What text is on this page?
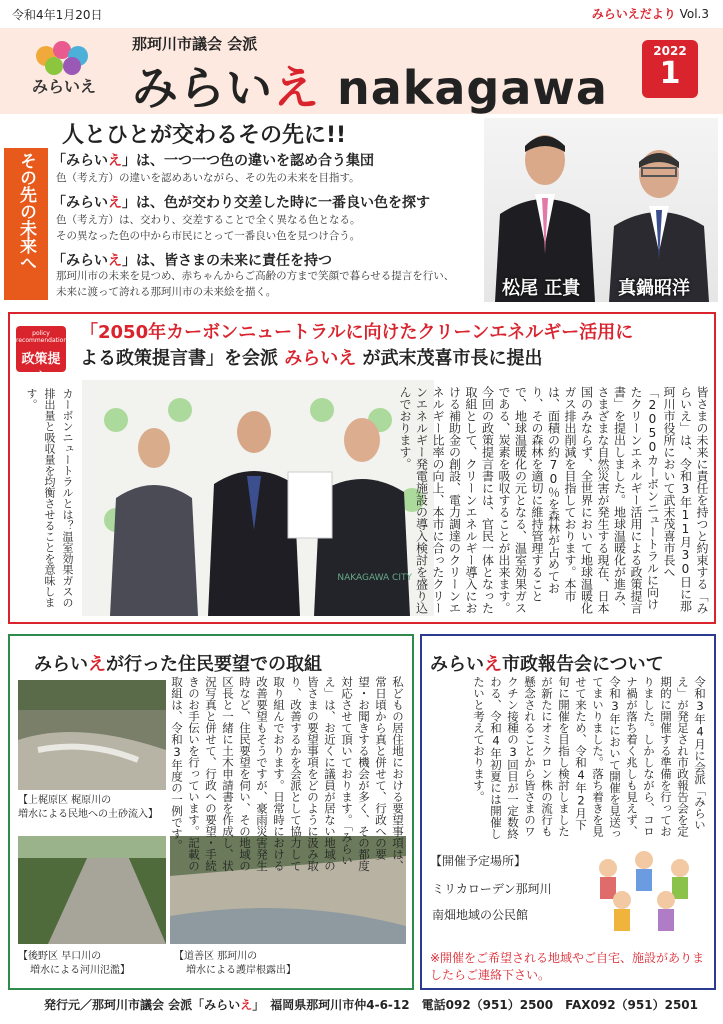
令和4年1月20日	みらいえだより Vol.3
みらいえ
那珂川市議会 会派
みらいえ nakagawa
2022
1
人とひとが交わるその先に!!
その先の未来へ 「みらいえ」は、一つ一つ色の違いを認め合う集団
色（考え方）の違いを認めあいながら、その先の未来を目指す。
「みらいえ」は、色が交わり交差した時に一番良い色を探す
色（考え方）は、交わり、交差することで全く異なる色となる。
その異なった色の中から市民にとって一番良い色を見つけ合う。
「みらいえ」は、皆さまの未来に責任を持つ
那珂川市の未来を見つめ、赤ちゃんからご高齢の方まで笑顔で暮らせる提言を行い、
未来に渡って誇れる那珂川市の未来絵を描く。	松尾 正貴 真鍋昭洋
policy recommendations
政策提言
「2050年カーボンニュートラルに向けたクリーンエネルギー活用に
よる政策提言書」を会派 みらいえ が武末茂喜市長に提出
NAKAGAWA CITY	皆さまの未来に責任を持つと約束する「みらいえ」は、令和3年11月30日に那珂川市役所において武末茂喜市長へ「2050カーボンニュートラルに向けたクリーンエネルギー活用による政策提言書」を提出しました。地球温暖化が進み、さまざまな自然災害が発生する現在、日本国のみならず、全世界において地球温暖化ガス排出削減を目指しております。本市は、面積の約70％を森林が占めており、その森林を適切に維持管理することで、地球温暖化の元となる、温室効果ガスである、炭素を吸収することが出来ます。今回の政策提言書には、官民一体となった取組として、クリーンエネルギー導入における補助金の創設、電力調達のクリーンエネルギー比率の向上、本市に合ったクリーンエネルギー発電施設の導入検討を盛り込んでおります。
カーボンニュートラルとは？温室効果ガスの排出量と吸収量を均衡させることを意味します。
みらいえが行った住民要望での取組
【上梶原区 梶原川の
増水による民地への土砂流入】
【後野区 早口川の
増水による河川氾濫】
【道善区 那珂川の
増水による護岸根露出】
私どもの居住地における要望事項は、常日頃から真と併せて、行政への要望・お聞きする機会が多く、その都度対応させて頂いております。「みらいえ」は、お近くに議員が居ない地域の皆さまの要望事項をどのように汲み取り、改善するかを会派として協力して取り組んでおります。日常時における改善要望もそうですが、豪雨災害発生時など、住民要望を伺い、その地域の区長と一緒に土木申請書を作成し、状況写真と併せて、行政への要望・手続きのお手伝いを行っています。記載の取組は、令和3年度の一例です。
みらいえ市政報告会について
令和3年4月に会派「みらいえ」が発足され市政報告会を定期的に開催する準備を行っておりました。しかしながら、コロナ禍が落ち着く兆しも見えず、令和3年において開催を見送ってまいりました。落ち着きを見せて来ため、令和4年2月下旬に開催を目指し検討しましたが新たにオミクロン株の流行も懸念されることから皆さまのワクチン接種の3回目が一定数終わる、令和4年初夏には開催したいと考えております。
【開催予定場所】
ミリカローデン那珂川
南畑地域の公民館
※開催をご希望される地域やご自宅、施設がありましたらご連絡下さい。
発行元／那珂川市議会 会派「みらいえ」　 福岡県那珂川市仲4-6-12　 電話092（951）2500　 FAX092（951）2501
